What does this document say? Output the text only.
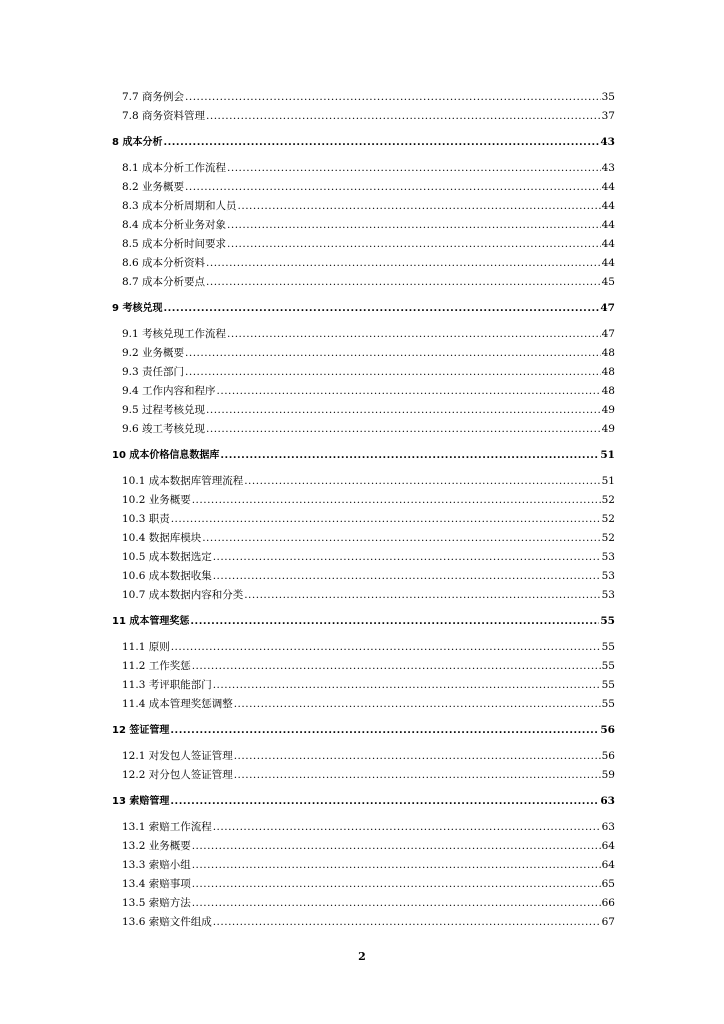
7.7 商务例会 .....	35
7.8 商务资料管理 .....	37
8 成本分析 .....	43
8.1 成本分析工作流程 .....	43
8.2 业务概要 .....	44
8.3 成本分析周期和人员 .....	44
8.4 成本分析业务对象 .....	44
8.5 成本分析时间要求 .....	44
8.6 成本分析资料 .....	44
8.7 成本分析要点 .....	45
9 考核兑现 .....	47
9.1 考核兑现工作流程 .....	47
9.2 业务概要 .....	48
9.3 责任部门 .....	48
9.4 工作内容和程序 .....	48
9.5 过程考核兑现 .....	49
9.6 竣工考核兑现 .....	49
10 成本价格信息数据库 .....	51
10.1 成本数据库管理流程 .....	51
10.2 业务概要 .....	52
10.3 职责 .....	52
10.4 数据库模块 .....	52
10.5 成本数据选定 .....	53
10.6 成本数据收集 .....	53
10.7 成本数据内容和分类 .....	53
11 成本管理奖惩 .....	55
11.1 原则 .....	55
11.2 工作奖惩 .....	55
11.3 考评职能部门 .....	55
11.4 成本管理奖惩调整 .....	55
12 签证管理 .....	56
12.1 对发包人签证管理 .....	56
12.2 对分包人签证管理 .....	59
13 索赔管理 .....	63
13.1 索赔工作流程 .....	63
13.2 业务概要 .....	64
13.3 索赔小组 .....	64
13.4 索赔事项 .....	65
13.5 索赔方法 .....	66
13.6 索赔文件组成 .....	67
2
